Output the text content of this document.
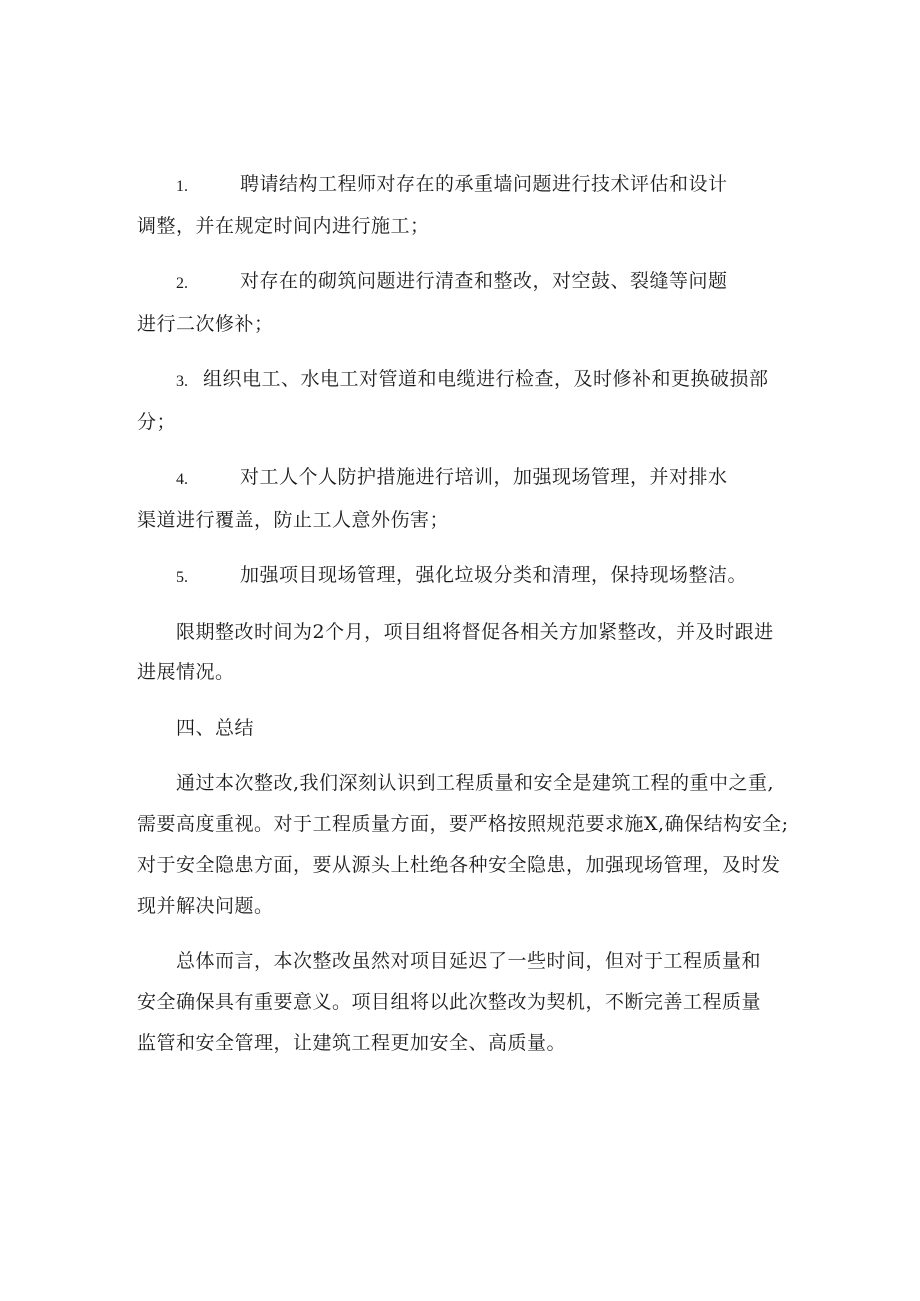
1.	聘请结构工程师对存在的承重墙问题进行技术评估和设计
调整，并在规定时间内进行施工；
2.	对存在的砌筑问题进行清查和整改，对空鼓、裂缝等问题
进行二次修补；
3. 组织电工、水电工对管道和电缆进行检查，及时修补和更换破损部
分；
4.	对工人个人防护措施进行培训，加强现场管理，并对排水
渠道进行覆盖，防止工人意外伤害；
5.	加强项目现场管理，强化垃圾分类和清理，保持现场整洁。
限期整改时间为2个月，项目组将督促各相关方加紧整改，并及时跟进
进展情况。
四、总结
通过本次整改,我们深刻认识到工程质量和安全是建筑工程的重中之重,
需要高度重视。对于工程质量方面，要严格按照规范要求施X,确保结构安全;
对于安全隐患方面，要从源头上杜绝各种安全隐患，加强现场管理，及时发
现并解决问题。
总体而言，本次整改虽然对项目延迟了一些时间，但对于工程质量和
安全确保具有重要意义。项目组将以此次整改为契机，不断完善工程质量
监管和安全管理，让建筑工程更加安全、高质量。
